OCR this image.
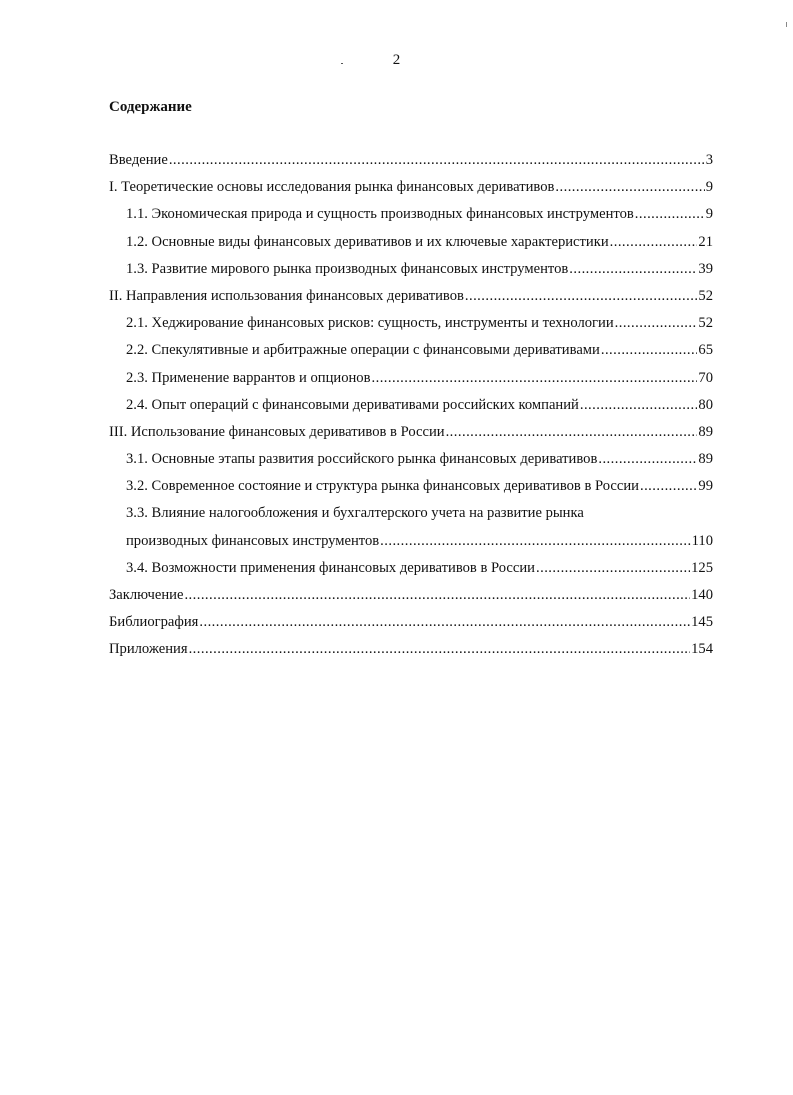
2
Содержание
Введение . . .	3
I. Теоретические основы исследования рынка финансовых деривативов . . .	9
1.1. Экономическая природа и сущность производных финансовых инструментов . . .	9
1.2. Основные виды финансовых деривативов и их ключевые характеристики . . .	21
1.3. Развитие мирового рынка производных финансовых инструментов . . .	39
II. Направления использования финансовых деривативов . . .	52
2.1. Хеджирование финансовых рисков: сущность, инструменты и технологии . . .	52
2.2. Спекулятивные и арбитражные операции с финансовыми деривативами . . .	65
2.3. Применение варрантов и опционов . . .	70
2.4. Опыт операций с финансовыми деривативами российских компаний . . .	80
III. Использование финансовых деривативов в России . . .	89
3.1. Основные этапы развития российского рынка финансовых деривативов . . .	89
3.2. Современное состояние и структура рынка финансовых деривативов в России . . .	99
3.3. Влияние налогообложения и бухгалтерского учета на развитие рынка
производных финансовых инструментов . . .	110
3.4. Возможности применения финансовых деривативов в России . . .	125
Заключение . . .	140
Библиография . . .	145
Приложения . . .	154
